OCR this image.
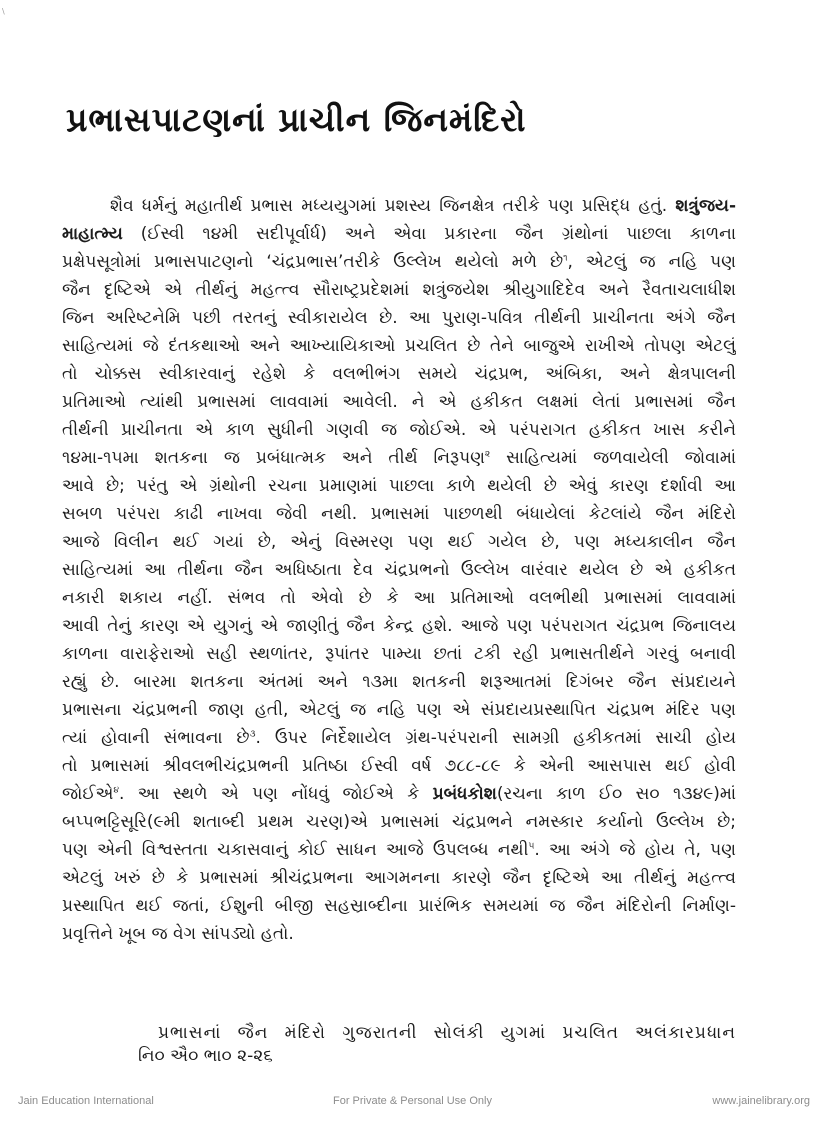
\
પ્રભાસપાટણનાં પ્રાચીન જિનમંદિરો
શૈવ ધર્મનું મહાતીર્થ પ્રભાસ મધ્યયુગમાં પ્રશસ્ય જિનક્ષેત્ર તરીકે પણ પ્રસિદ્ધ હતું. શત્રુંજય-
માહાત્મ્ય (ઈસ્વી ૧૪મી સદીપૂર્વાર્ધ) અને એવા પ્રકારના જૈન ગ્રંથોનાં પાછલા કાળના
પ્રક્ષેપસૂત્રોમાં પ્રભાસપાટણનો ‘ચંદ્રપ્રભાસ’તરીકે ઉલ્લેખ થયેલો મળે છે$^૧$, એટલું જ નહિ પણ
જૈન દૃષ્ટિએ એ તીર્થનું મહત્ત્વ સૌરાષ્ટ્રપ્રદેશમાં શત્રુંજયેશ શ્રીયુગાદિદેવ અને રૈવતાચલાધીશ
જિન અરિષ્ટનેમિ પછી તરતનું સ્વીકારાયેલ છે. આ પુરાણ-પવિત્ર તીર્થની પ્રાચીનતા અંગે જૈન
સાહિત્યમાં જે દંતકથાઓ અને આખ્યાયિકાઓ પ્રચલિત છે તેને બાજુએ રાખીએ તોપણ એટલું
તો ચોક્કસ સ્વીકારવાનું રહેશે કે વલભીભંગ સમયે ચંદ્રપ્રભ, અંબિકા, અને ક્ષેત્રપાલની
પ્રતિમાઓ ત્યાંથી પ્રભાસમાં લાવવામાં આવેલી. ને એ હકીકત લક્ષમાં લેતાં પ્રભાસમાં જૈન
તીર્થની પ્રાચીનતા એ કાળ સુધીની ગણવી જ જોઈએ. એ પરંપરાગત હકીકત ખાસ કરીને
૧૪મા-૧૫મા શતકના જ પ્રબંધાત્મક અને તીર્થ નિરૂપણ$^૨$ સાહિત્યમાં જળવાયેલી જોવામાં
આવે છે; પરંતુ એ ગ્રંથોની રચના પ્રમાણમાં પાછલા કાળે થયેલી છે એવું કારણ દર્શાવી આ
સબળ પરંપરા કાઢી નાખવા જેવી નથી. પ્રભાસમાં પાછળથી બંધાયેલાં કેટલાંયે જૈન મંદિરો
આજે વિલીન થઈ ગયાં છે, એનું વિસ્મરણ પણ થઈ ગયેલ છે, પણ મધ્યકાલીન જૈન
સાહિત્યમાં આ તીર્થના જૈન અધિષ્ઠાતા દેવ ચંદ્રપ્રભનો ઉલ્લેખ વારંવાર થયેલ છે એ હકીકત
નકારી શકાય નહીં. સંભવ તો એવો છે કે આ પ્રતિમાઓ વલભીથી પ્રભાસમાં લાવવામાં
આવી તેનું કારણ એ યુગનું એ જાણીતું જૈન કેન્દ્ર હશે. આજે પણ પરંપરાગત ચંદ્રપ્રભ જિનાલય
કાળના વારાફેરાઓ સહી સ્થળાંતર, રૂપાંતર પામ્યા છતાં ટકી રહી પ્રભાસતીર્થને ગરવું બનાવી
રહ્યું છે. બારમા શતકના અંતમાં અને ૧૩મા શતકની શરૂઆતમાં દિગંબર જૈન સંપ્રદાયને
પ્રભાસના ચંદ્રપ્રભની જાણ હતી, એટલું જ નહિ પણ એ સંપ્રદાયપ્રસ્થાપિત ચંદ્રપ્રભ મંદિર પણ
ત્યાં હોવાની સંભાવના છે$^૩$. ઉપર નિર્દેશાયેલ ગ્રંથ-પરંપરાની સામગ્રી હકીકતમાં સાચી હોય
તો પ્રભાસમાં શ્રીવલભીચંદ્રપ્રભની પ્રતિષ્ઠા ઈસ્વી વર્ષ ૭૮૮-૮૯ કે એની આસપાસ થઈ હોવી
જોઈએ$^૪$. આ સ્થળે એ પણ નોંધવું જોઈએ કે પ્રબંધકોશ(રચના કાળ ઈ૦ સ૦ ૧૩૪૯)માં
બપ્પભટ્ટિસૂરિ(૯મી શતાબ્દી પ્રથમ ચરણ)એ પ્રભાસમાં ચંદ્રપ્રભને નમસ્કાર કર્યાનો ઉલ્લેખ છે;
પણ એની વિશ્વસ્તતા ચકાસવાનું કોઈ સાધન આજે ઉપલબ્ધ નથી$^૫$. આ અંગે જે હોય તે, પણ
એટલું ખરું છે કે પ્રભાસમાં શ્રીચંદ્રપ્રભના આગમનના કારણે જૈન દૃષ્ટિએ આ તીર્થનું મહત્ત્વ
પ્રસ્થાપિત થઈ જતાં, ઈશુની બીજી સહસ્રાબ્દીના પ્રારંભિક સમયમાં જ જૈન મંદિરોની નિર્માણ-
પ્રવૃત્તિને ખૂબ જ વેગ સાંપડ્યો હતો.
પ્રભાસનાં જૈન મંદિરો ગુજરાતની સોલંકી યુગમાં પ્રચલિત અલંકારપ્રધાન
નિ૦ ઐ૦ ભા૦ ૨-૨૬
Jain Education International	For Private & Personal Use Only	www.jainelibrary.org
